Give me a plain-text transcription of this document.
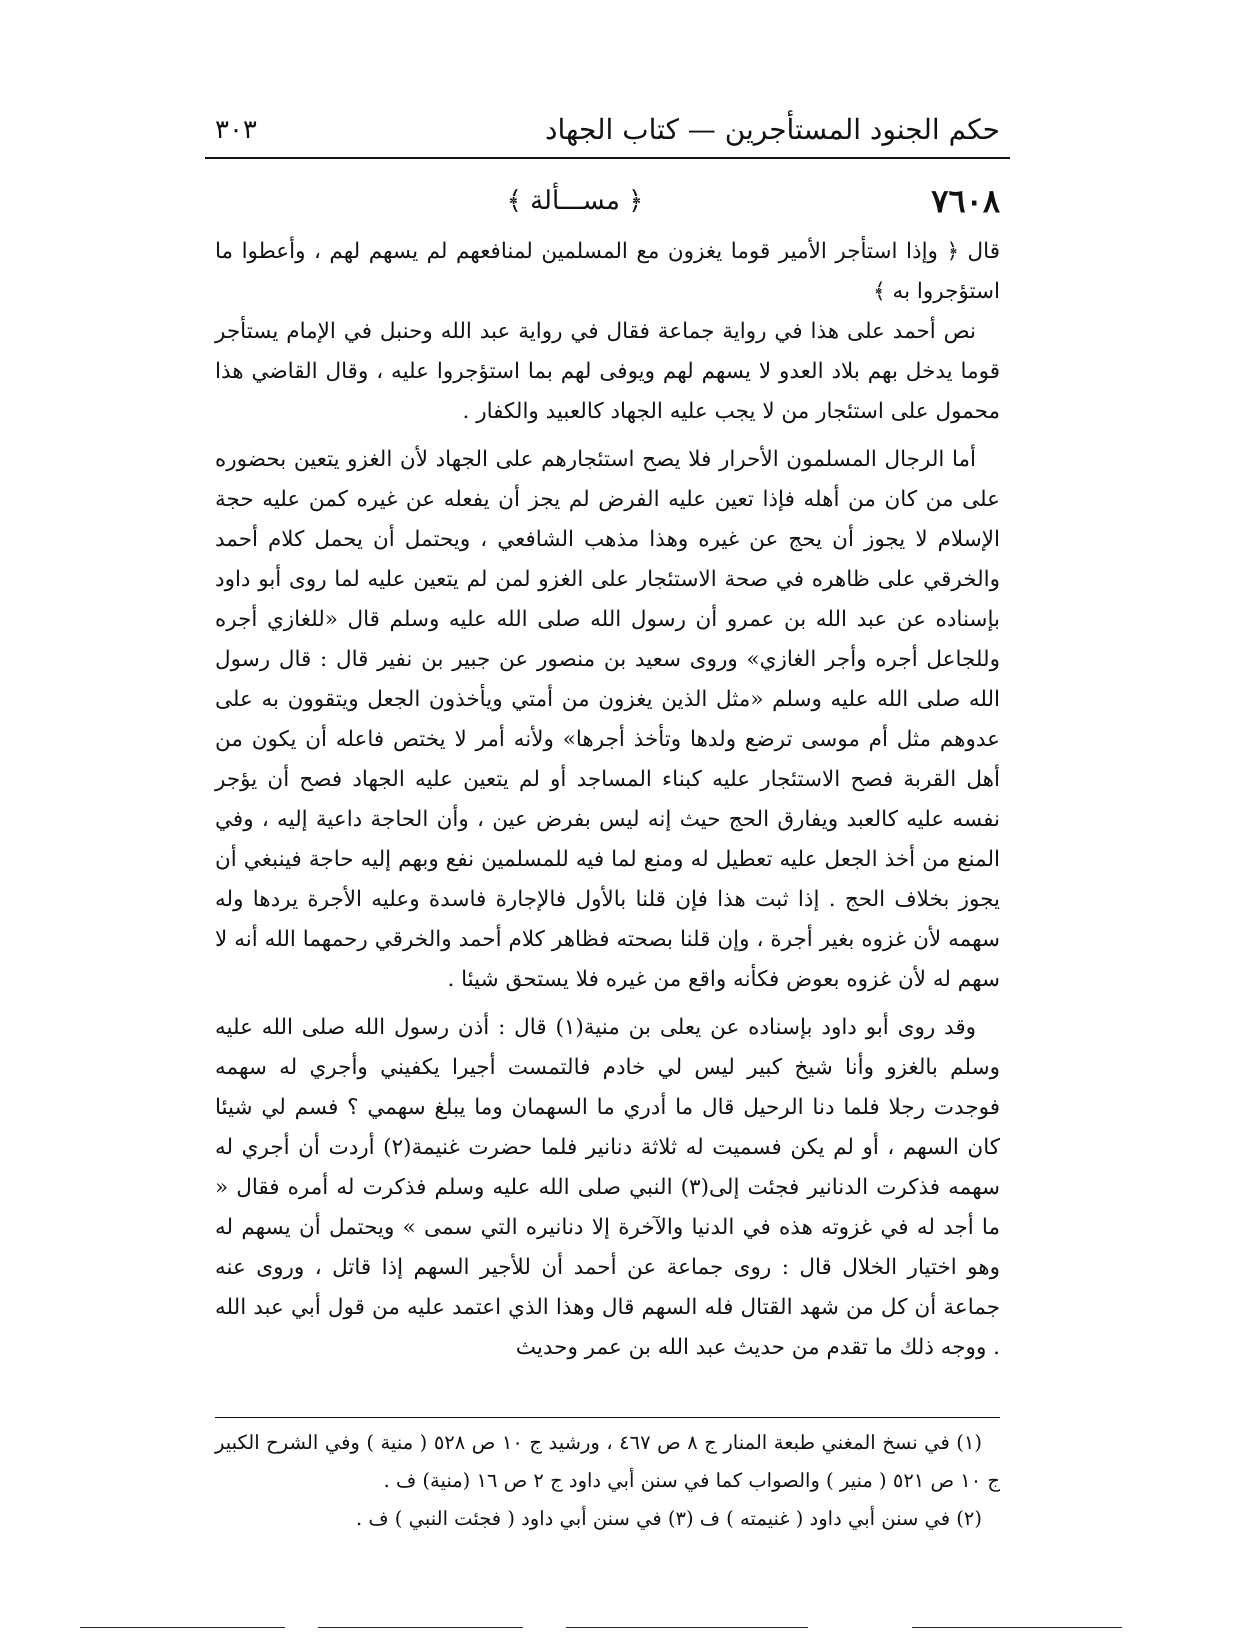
حكم الجنود المستأجرين — كتاب الجهاد
٣٠٣
٧٦٠٨
﴿ مســـألة ﴾

قال ﴿ وإذا استأجر الأمير قوما يغزون مع المسلمين لمنافعهم لم يسهم لهم ، وأعطوا ما استؤجروا به ﴾

نص أحمد على هذا في رواية جماعة فقال في رواية عبد الله وحنبل في الإمام يستأجر قوما يدخل بهم بلاد العدو لا يسهم لهم ويوفى لهم بما استؤجروا عليه ، وقال القاضي هذا محمول على استئجار من لا يجب عليه الجهاد كالعبيد والكفار .

أما الرجال المسلمون الأحرار فلا يصح استئجارهم على الجهاد لأن الغزو يتعين بحضوره على من كان من أهله فإذا تعين عليه الفرض لم يجز أن يفعله عن غيره كمن عليه حجة الإسلام لا يجوز أن يحج عن غيره وهذا مذهب الشافعي ، ويحتمل أن يحمل كلام أحمد والخرقي على ظاهره في صحة الاستئجار على الغزو لمن لم يتعين عليه لما روى أبو داود بإسناده عن عبد الله بن عمرو أن رسول الله صلى الله عليه وسلم قال «للغازي أجره وللجاعل أجره وأجر الغازي» وروى سعيد بن منصور عن جبير بن نفير قال : قال رسول الله صلى الله عليه وسلم «مثل الذين يغزون من أمتي ويأخذون الجعل ويتقوون به على عدوهم مثل أم موسى ترضع ولدها وتأخذ أجرها» ولأنه أمر لا يختص فاعله أن يكون من أهل القربة فصح الاستئجار عليه كبناء المساجد أو لم يتعين عليه الجهاد فصح أن يؤجر نفسه عليه كالعبد ويفارق الحج حيث إنه ليس بفرض عين ، وأن الحاجة داعية إليه ، وفي المنع من أخذ الجعل عليه تعطيل له ومنع لما فيه للمسلمين نفع وبهم إليه حاجة فينبغي أن يجوز بخلاف الحج . إذا ثبت هذا فإن قلنا بالأول فالإجارة فاسدة وعليه الأجرة يردها وله سهمه لأن غزوه بغير أجرة ، وإن قلنا بصحته فظاهر كلام أحمد والخرقي رحمهما الله أنه لا سهم له لأن غزوه بعوض فكأنه واقع من غيره فلا يستحق شيئا .

وقد روى أبو داود بإسناده عن يعلى بن منية(١) قال : أذن رسول الله صلى الله عليه وسلم بالغزو وأنا شيخ كبير ليس لي خادم فالتمست أجيرا يكفيني وأجري له سهمه فوجدت رجلا فلما دنا الرحيل قال ما أدري ما السهمان وما يبلغ سهمي ؟ فسم لي شيئا كان السهم ، أو لم يكن فسميت له ثلاثة دنانير فلما حضرت غنيمة(٢) أردت أن أجري له سهمه فذكرت الدنانير فجئت إلى(٣) النبي صلى الله عليه وسلم فذكرت له أمره فقال « ما أجد له في غزوته هذه في الدنيا والآخرة إلا دنانيره التي سمى » ويحتمل أن يسهم له وهو اختيار الخلال قال : روى جماعة عن أحمد أن للأجير السهم إذا قاتل ، وروى عنه جماعة أن كل من شهد القتال فله السهم قال وهذا الذي اعتمد عليه من قول أبي عبد الله . ووجه ذلك ما تقدم من حديث عبد الله بن عمر وحديث

(١) في نسخ المغني طبعة المنار ج ٨ ص ٤٦٧ ، ورشيد ج ١٠ ص ٥٢٨ ( منية ) وفي الشرح الكبير ج ١٠ ص ٥٢١ ( منير ) والصواب كما في سنن أبي داود ج ٢ ص ١٦ (منية) ف .

(٢) في سنن أبي داود ( غنيمته ) ف (٣) في سنن أبي داود ( فجئت النبي ) ف .
